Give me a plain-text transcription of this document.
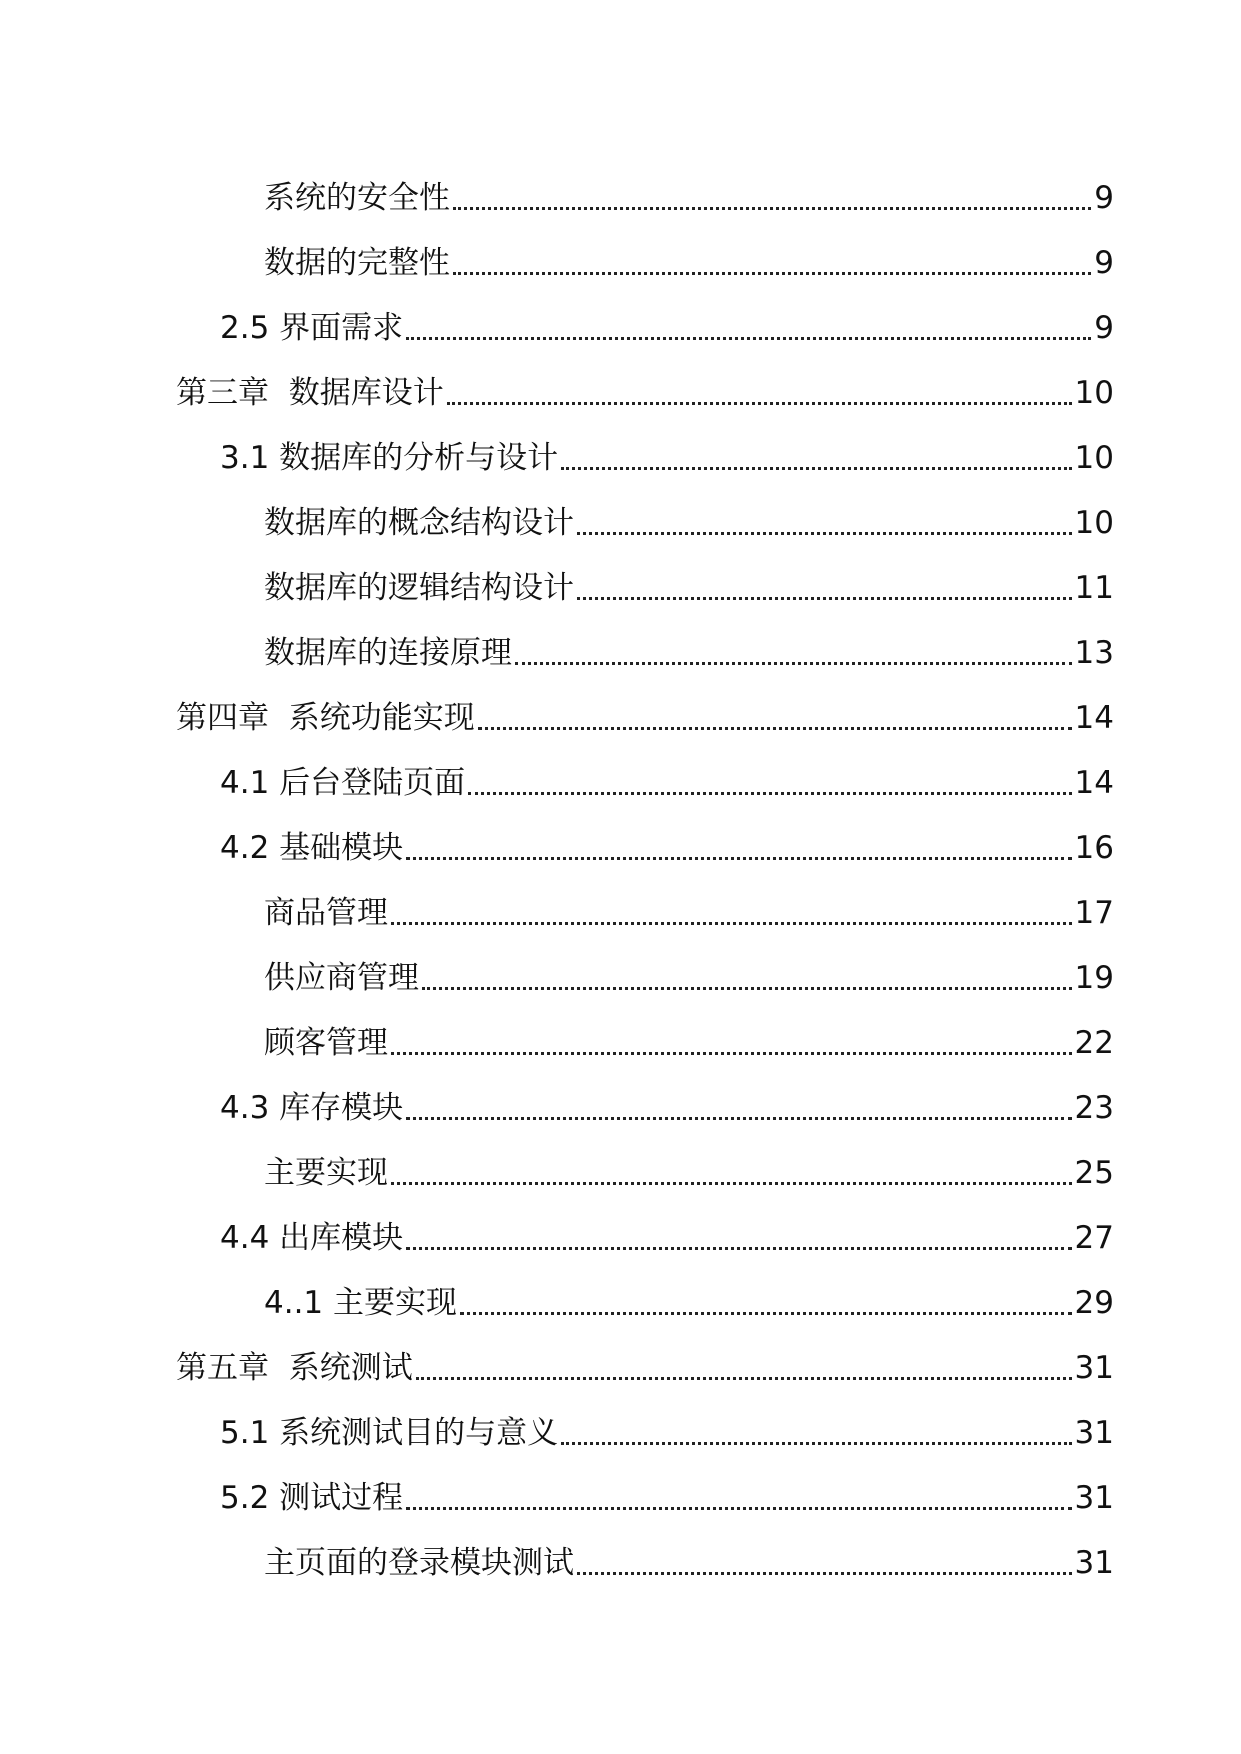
系统的安全性	9
数据的完整性	9
2.5 界面需求	9
第三章  数据库设计	10
3.1 数据库的分析与设计	10
数据库的概念结构设计	10
数据库的逻辑结构设计	11
数据库的连接原理	13
第四章  系统功能实现	14
4.1 后台登陆页面	14
4.2 基础模块	16
商品管理	17
供应商管理	19
顾客管理	22
4.3 库存模块	23
主要实现	25
4.4 出库模块	27
4..1 主要实现	29
第五章  系统测试	31
5.1 系统测试目的与意义	31
5.2 测试过程	31
主页面的登录模块测试	31
